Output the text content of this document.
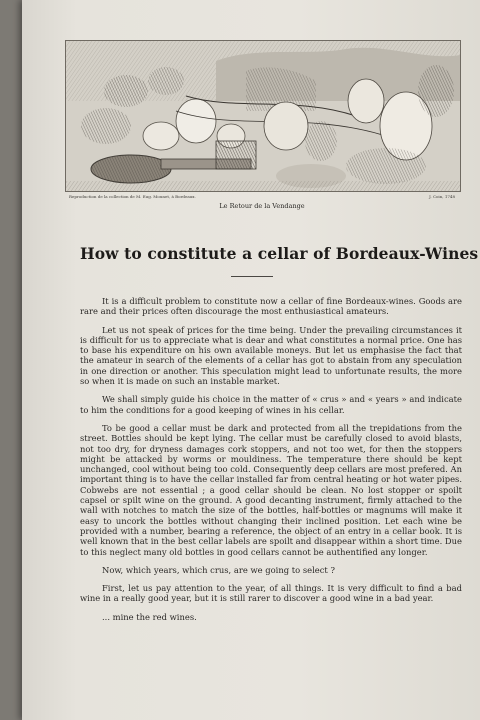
Reproduction de la collection de M. Eug. Mounet, à Bordeaux.	J. Coin, 1748
Le Retour de la Vendange
How to constitute a cellar of Bordeaux-Wines

It is a difficult problem to constitute now a cellar of fine Bordeaux-wines. Goods are rare and their prices often discourage the most enthusiastical amateurs.

Let us not speak of prices for the time being. Under the prevailing circumstances it is difficult for us to appreciate what is dear and what constitutes a normal price. One has to base his expenditure on his own available moneys. But let us emphasise the fact that the amateur in search of the elements of a cellar has got to abstain from any speculation in one direction or another. This speculation might lead to unfortunate results, the more so when it is made on such an instable market.

We shall simply guide his choice in the matter of « crus » and « years » and indicate to him the conditions for a good keeping of wines in his cellar.

To be good a cellar must be dark and protected from all the trepidations from the street. Bottles should be kept lying. The cellar must be carefully closed to avoid blasts, not too dry, for dryness damages cork stoppers, and not too wet, for then the stoppers might be attacked by worms or mouldiness. The temperature there should be kept unchanged, cool without being too cold. Consequently deep cellars are most prefered. An important thing is to have the cellar installed far from central heating or hot water pipes. Cobwebs are not essential ; a good cellar should be clean. No lost stopper or spoilt capsel or spilt wine on the ground. A good decanting instrument, firmly attached to the wall with notches to match the size of the bottles, half-bottles or magnums will make it easy to uncork the bottles without changing their inclined position. Let each wine be provided with a number, bearing a reference, the object of an entry in a cellar book. It is well known that in the best cellar labels are spoilt and disappear within a short time. Due to this neglect many old bottles in good cellars cannot be authentified any longer.

Now, which years, which crus, are we going to select ?

First, let us pay attention to the year, of all things. It is very difficult to find a bad wine in a really good year, but it is still rarer to discover a good wine in a bad year.

... mine the red wines.
